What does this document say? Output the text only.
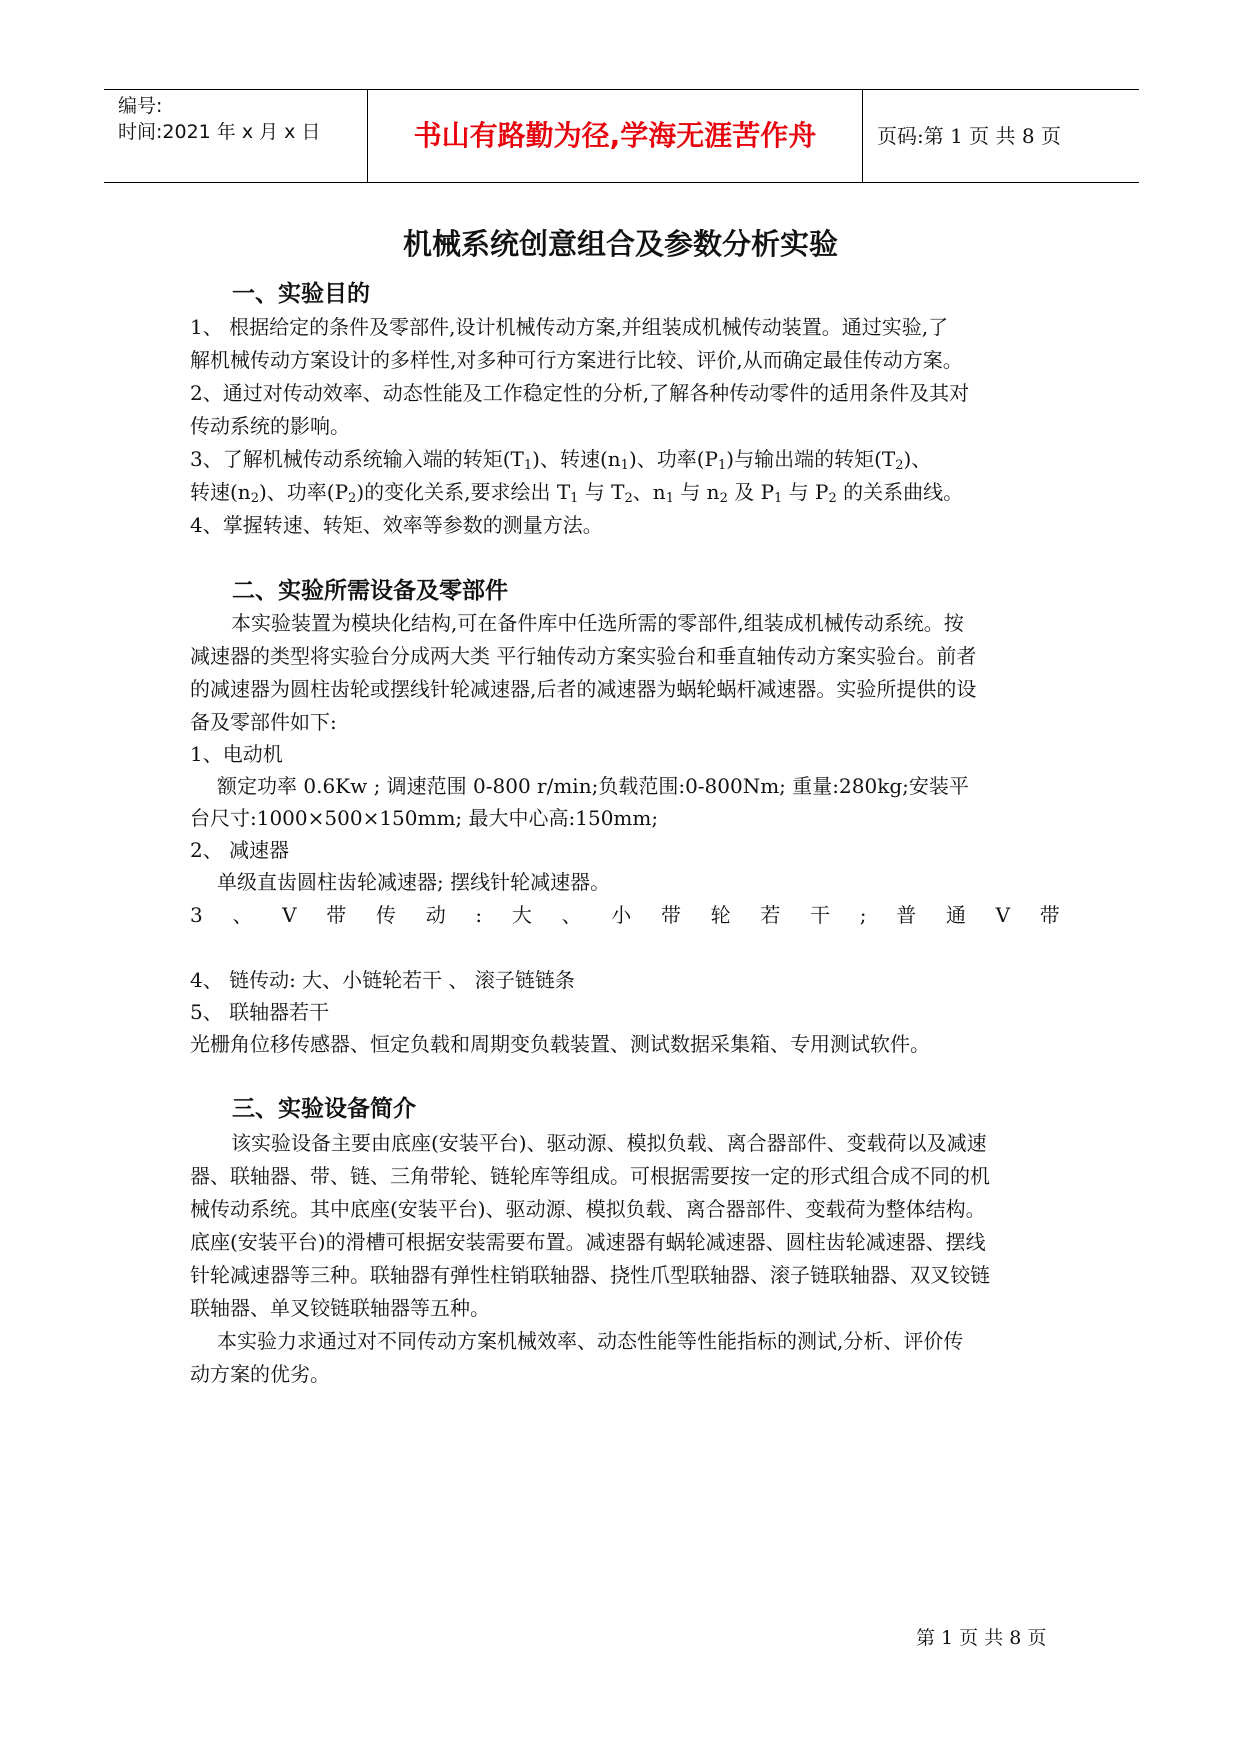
编号:
时间:2021 年 x 月 x 日	书山有路勤为径,学海无涯苦作舟	页码:第 1 页 共 8 页
机械系统创意组合及参数分析实验
一、实验目的
1、 根据给定的条件及零部件,设计机械传动方案,并组装成机械传动装置。通过实验,了
解机械传动方案设计的多样性,对多种可行方案进行比较、评价,从而确定最佳传动方案。
2、通过对传动效率、动态性能及工作稳定性的分析,了解各种传动零件的适用条件及其对
传动系统的影响。
3、了解机械传动系统输入端的转矩$(T_1)$、转速$(n_1)$、功率$(P_1)$与输出端的转矩$(T_2)$、
转速$(n_2)$、功率$(P_2)$的变化关系,要求绘出 $T_1$ 与 $T_2$、$n_1$ 与 $n_2$ 及 $P_1$ 与 $P_2$ 的关系曲线。
4、掌握转速、转矩、效率等参数的测量方法。
二、实验所需设备及零部件
本实验装置为模块化结构,可在备件库中任选所需的零部件,组装成机械传动系统。按
减速器的类型将实验台分成两大类 平行轴传动方案实验台和垂直轴传动方案实验台。前者
的减速器为圆柱齿轮或摆线针轮减速器,后者的减速器为蜗轮蜗杆减速器。实验所提供的设
备及零部件如下:
1、电动机
额定功率 0.6Kw ; 调速范围 0-800 r/min;负载范围:0-800Nm; 重量:280kg;安装平
台尺寸:1000×500×150mm; 最大中心高:150mm;
2、 减速器
单级直齿圆柱齿轮减速器; 摆线针轮减速器。
3 、 V 带 传 动 : 大 、 小 带 轮 若 干 ; 普 通 V 带
4、 链传动: 大、小链轮若干 、 滚子链链条
5、 联轴器若干
光栅角位移传感器、恒定负载和周期变负载装置、测试数据采集箱、专用测试软件。
三、实验设备简介
该实验设备主要由底座(安装平台)、驱动源、模拟负载、离合器部件、变载荷以及减速
器、联轴器、带、链、三角带轮、链轮库等组成。可根据需要按一定的形式组合成不同的机
械传动系统。其中底座(安装平台)、驱动源、模拟负载、离合器部件、变载荷为整体结构。
底座(安装平台)的滑槽可根据安装需要布置。减速器有蜗轮减速器、圆柱齿轮减速器、摆线
针轮减速器等三种。联轴器有弹性柱销联轴器、挠性爪型联轴器、滚子链联轴器、双叉铰链
联轴器、单叉铰链联轴器等五种。
本实验力求通过对不同传动方案机械效率、动态性能等性能指标的测试,分析、评价传
动方案的优劣。
第 1 页 共 8 页
